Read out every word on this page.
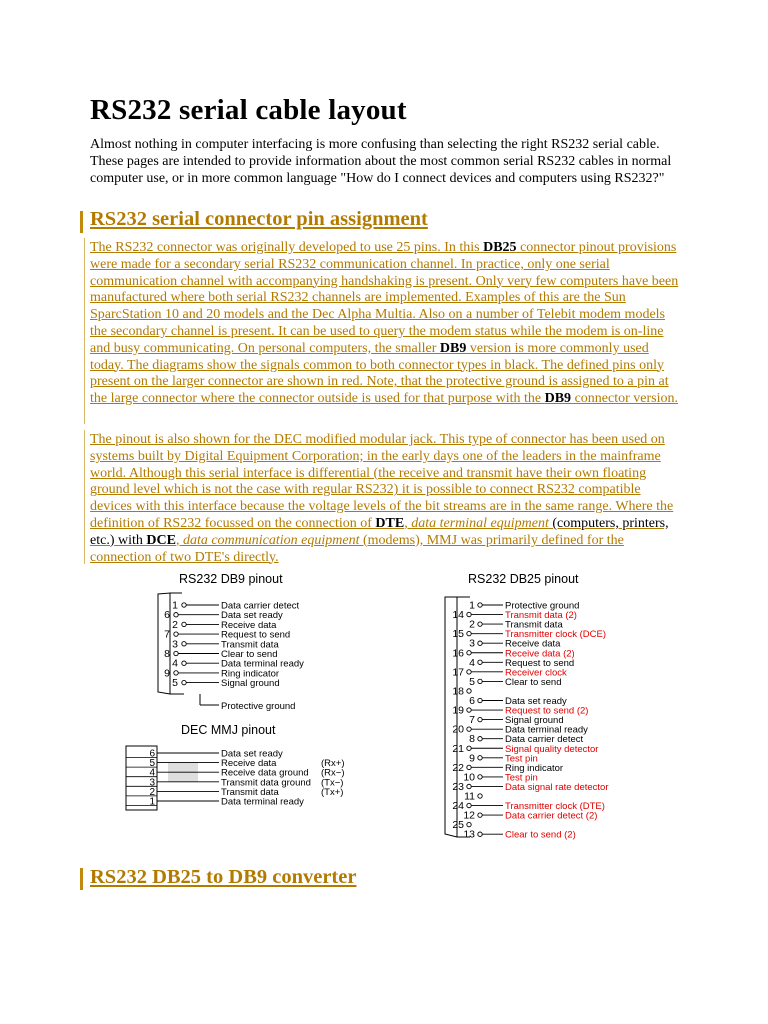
RS232 serial cable layout
Almost nothing in computer interfacing is more confusing than selecting the right RS232 serial cable. These pages are intended to provide information about the most common serial RS232 cables in normal computer use, or in more common language "How do I connect devices and computers using RS232?"
RS232 serial connector pin assignment
The RS232 connector was originally developed to use 25 pins. In this DB25 connector pinout provisions were made for a secondary serial RS232 communication channel. In practice, only one serial communication channel with accompanying handshaking is present. Only very few computers have been manufactured where both serial RS232 channels are implemented. Examples of this are the Sun SparcStation 10 and 20 models and the Dec Alpha Multia. Also on a number of Telebit modem models the secondary channel is present. It can be used to query the modem status while the modem is on-line and busy communicating. On personal computers, the smaller DB9 version is more commonly used today. The diagrams show the signals common to both connector types in black. The defined pins only present on the larger connector are shown in red. Note, that the protective ground is assigned to a pin at the large connector where the connector outside is used for that purpose with the DB9 connector version.
The pinout is also shown for the DEC modified modular jack. This type of connector has been used on systems built by Digital Equipment Corporation; in the early days one of the leaders in the mainframe world. Although this serial interface is differential (the receive and transmit have their own floating ground level which is not the case with regular RS232) it is possible to connect RS232 compatible devices with this interface because the voltage levels of the bit streams are in the same range. Where the definition of RS232 focussed on the connection of DTE, data terminal equipment (computers, printers, etc.) with DCE, data communication equipment (modems), MMJ was primarily defined for the connection of two DTE's directly.
RS232 DB9 pinout
1	Data carrier detect
6	Data set ready
2	Receive data
7	Request to send
3	Transmit data
8	Clear to send
4	Data terminal ready
9	Ring indicator
5	Signal ground
Protective ground
DEC MMJ pinout
6	Data set ready
5	Receive data	(Rx+)
4	Receive data ground (Rx−)
3	Transmit data ground (Tx−)
2	Transmit data	(Tx+)
1	Data terminal ready
RS232 DB25 pinout
1	Protective ground
14	Transmit data (2)
2	Transmit data
15	Transmitter clock (DCE)
3	Receive data
16	Receive data (2)
4	Request to send
17	Receiver clock
5	Clear to send
18
6	Data set ready
19	Request to send (2)
7	Signal ground
20	Data terminal ready
8	Data carrier detect
21	Signal quality detector
9	Test pin
22	Ring indicator
10	Test pin
23	Data signal rate detector
11
24	Transmitter clock (DTE)
12	Data carrier detect (2)
25
13	Clear to send (2)
RS232 DB25 to DB9 converter
